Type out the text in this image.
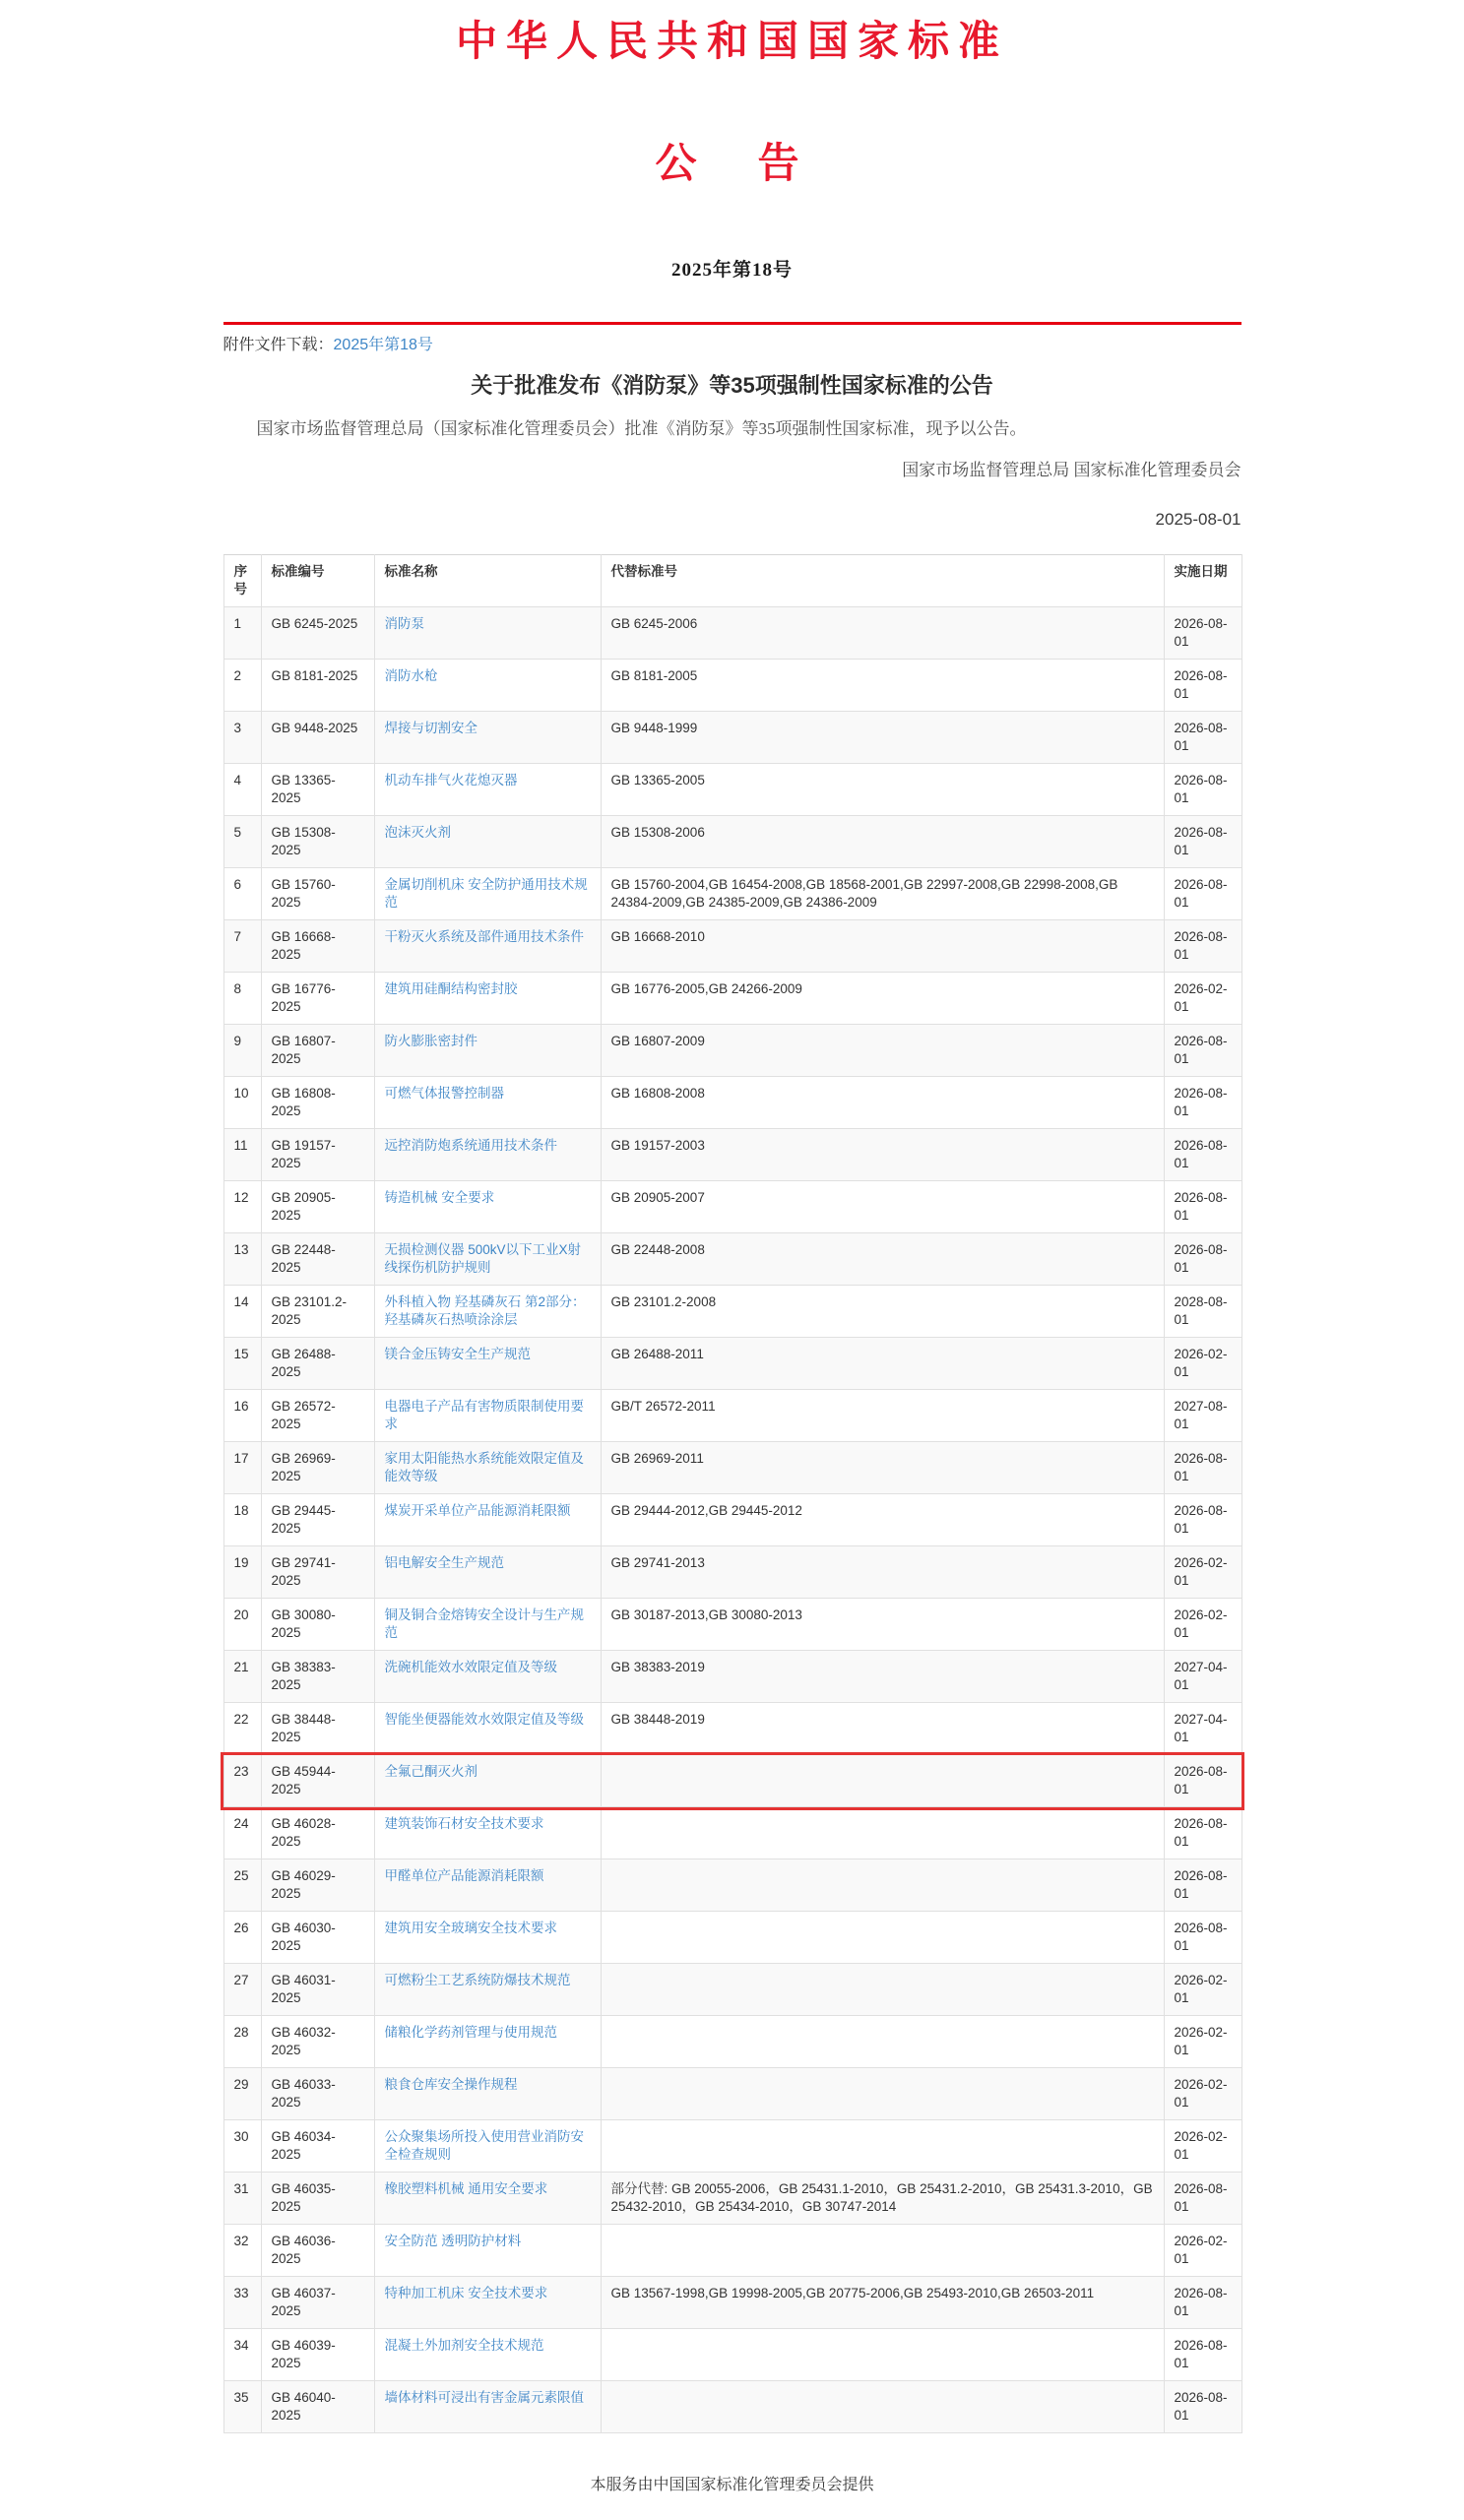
中华人民共和国国家标准
公　告
2025年第18号
附件文件下载：2025年第18号
关于批准发布《消防泵》等35项强制性国家标准的公告
国家市场监督管理总局（国家标准化管理委员会）批准《消防泵》等35项强制性国家标准，现予以公告。
国家市场监督管理总局 国家标准化管理委员会
2025-08-01
序号	标准编号	标准名称	代替标准号	实施日期
1	GB 6245-2025	消防泵	GB 6245-2006	2026-08-01
2	GB 8181-2025	消防水枪	GB 8181-2005	2026-08-01
3	GB 9448-2025	焊接与切割安全	GB 9448-1999	2026-08-01
4	GB 13365-2025	机动车排气火花熄灭器	GB 13365-2005	2026-08-01
5	GB 15308-2025	泡沫灭火剂	GB 15308-2006	2026-08-01
6	GB 15760-2025	金属切削机床 安全防护通用技术规范	GB 15760-2004,GB 16454-2008,GB 18568-2001,GB 22997-2008,GB 22998-2008,GB 24384-2009,GB 24385-2009,GB 24386-2009	2026-08-01
7	GB 16668-2025	干粉灭火系统及部件通用技术条件	GB 16668-2010	2026-08-01
8	GB 16776-2025	建筑用硅酮结构密封胶	GB 16776-2005,GB 24266-2009	2026-02-01
9	GB 16807-2025	防火膨胀密封件	GB 16807-2009	2026-08-01
10	GB 16808-2025	可燃气体报警控制器	GB 16808-2008	2026-08-01
11	GB 19157-2025	远控消防炮系统通用技术条件	GB 19157-2003	2026-08-01
12	GB 20905-2025	铸造机械 安全要求	GB 20905-2007	2026-08-01
13	GB 22448-2025	无损检测仪器 500kV以下工业X射线探伤机防护规则	GB 22448-2008	2026-08-01
14	GB 23101.2-2025	外科植入物 羟基磷灰石 第2部分：羟基磷灰石热喷涂涂层	GB 23101.2-2008	2028-08-01
15	GB 26488-2025	镁合金压铸安全生产规范	GB 26488-2011	2026-02-01
16	GB 26572-2025	电器电子产品有害物质限制使用要求	GB/T 26572-2011	2027-08-01
17	GB 26969-2025	家用太阳能热水系统能效限定值及能效等级	GB 26969-2011	2026-08-01
18	GB 29445-2025	煤炭开采单位产品能源消耗限额	GB 29444-2012,GB 29445-2012	2026-08-01
19	GB 29741-2025	铝电解安全生产规范	GB 29741-2013	2026-02-01
20	GB 30080-2025	铜及铜合金熔铸安全设计与生产规范	GB 30187-2013,GB 30080-2013	2026-02-01
21	GB 38383-2025	洗碗机能效水效限定值及等级	GB 38383-2019	2027-04-01
22	GB 38448-2025	智能坐便器能效水效限定值及等级	GB 38448-2019	2027-04-01
23	GB 45944-2025	全氟己酮灭火剂		2026-08-01
24	GB 46028-2025	建筑装饰石材安全技术要求		2026-08-01
25	GB 46029-2025	甲醛单位产品能源消耗限额		2026-08-01
26	GB 46030-2025	建筑用安全玻璃安全技术要求		2026-08-01
27	GB 46031-2025	可燃粉尘工艺系统防爆技术规范		2026-02-01
28	GB 46032-2025	储粮化学药剂管理与使用规范		2026-02-01
29	GB 46033-2025	粮食仓库安全操作规程		2026-02-01
30	GB 46034-2025	公众聚集场所投入使用营业消防安全检查规则		2026-02-01
31	GB 46035-2025	橡胶塑料机械 通用安全要求	部分代替: GB 20055-2006，GB 25431.1-2010，GB 25431.2-2010，GB 25431.3-2010，GB 25432-2010，GB 25434-2010，GB 30747-2014	2026-08-01
32	GB 46036-2025	安全防范 透明防护材料		2026-02-01
33	GB 46037-2025	特种加工机床 安全技术要求	GB 13567-1998,GB 19998-2005,GB 20775-2006,GB 25493-2010,GB 26503-2011	2026-08-01
34	GB 46039-2025	混凝土外加剂安全技术规范		2026-08-01
35	GB 46040-2025	墙体材料可浸出有害金属元素限值		2026-08-01
本服务由中国国家标准化管理委员会提供
